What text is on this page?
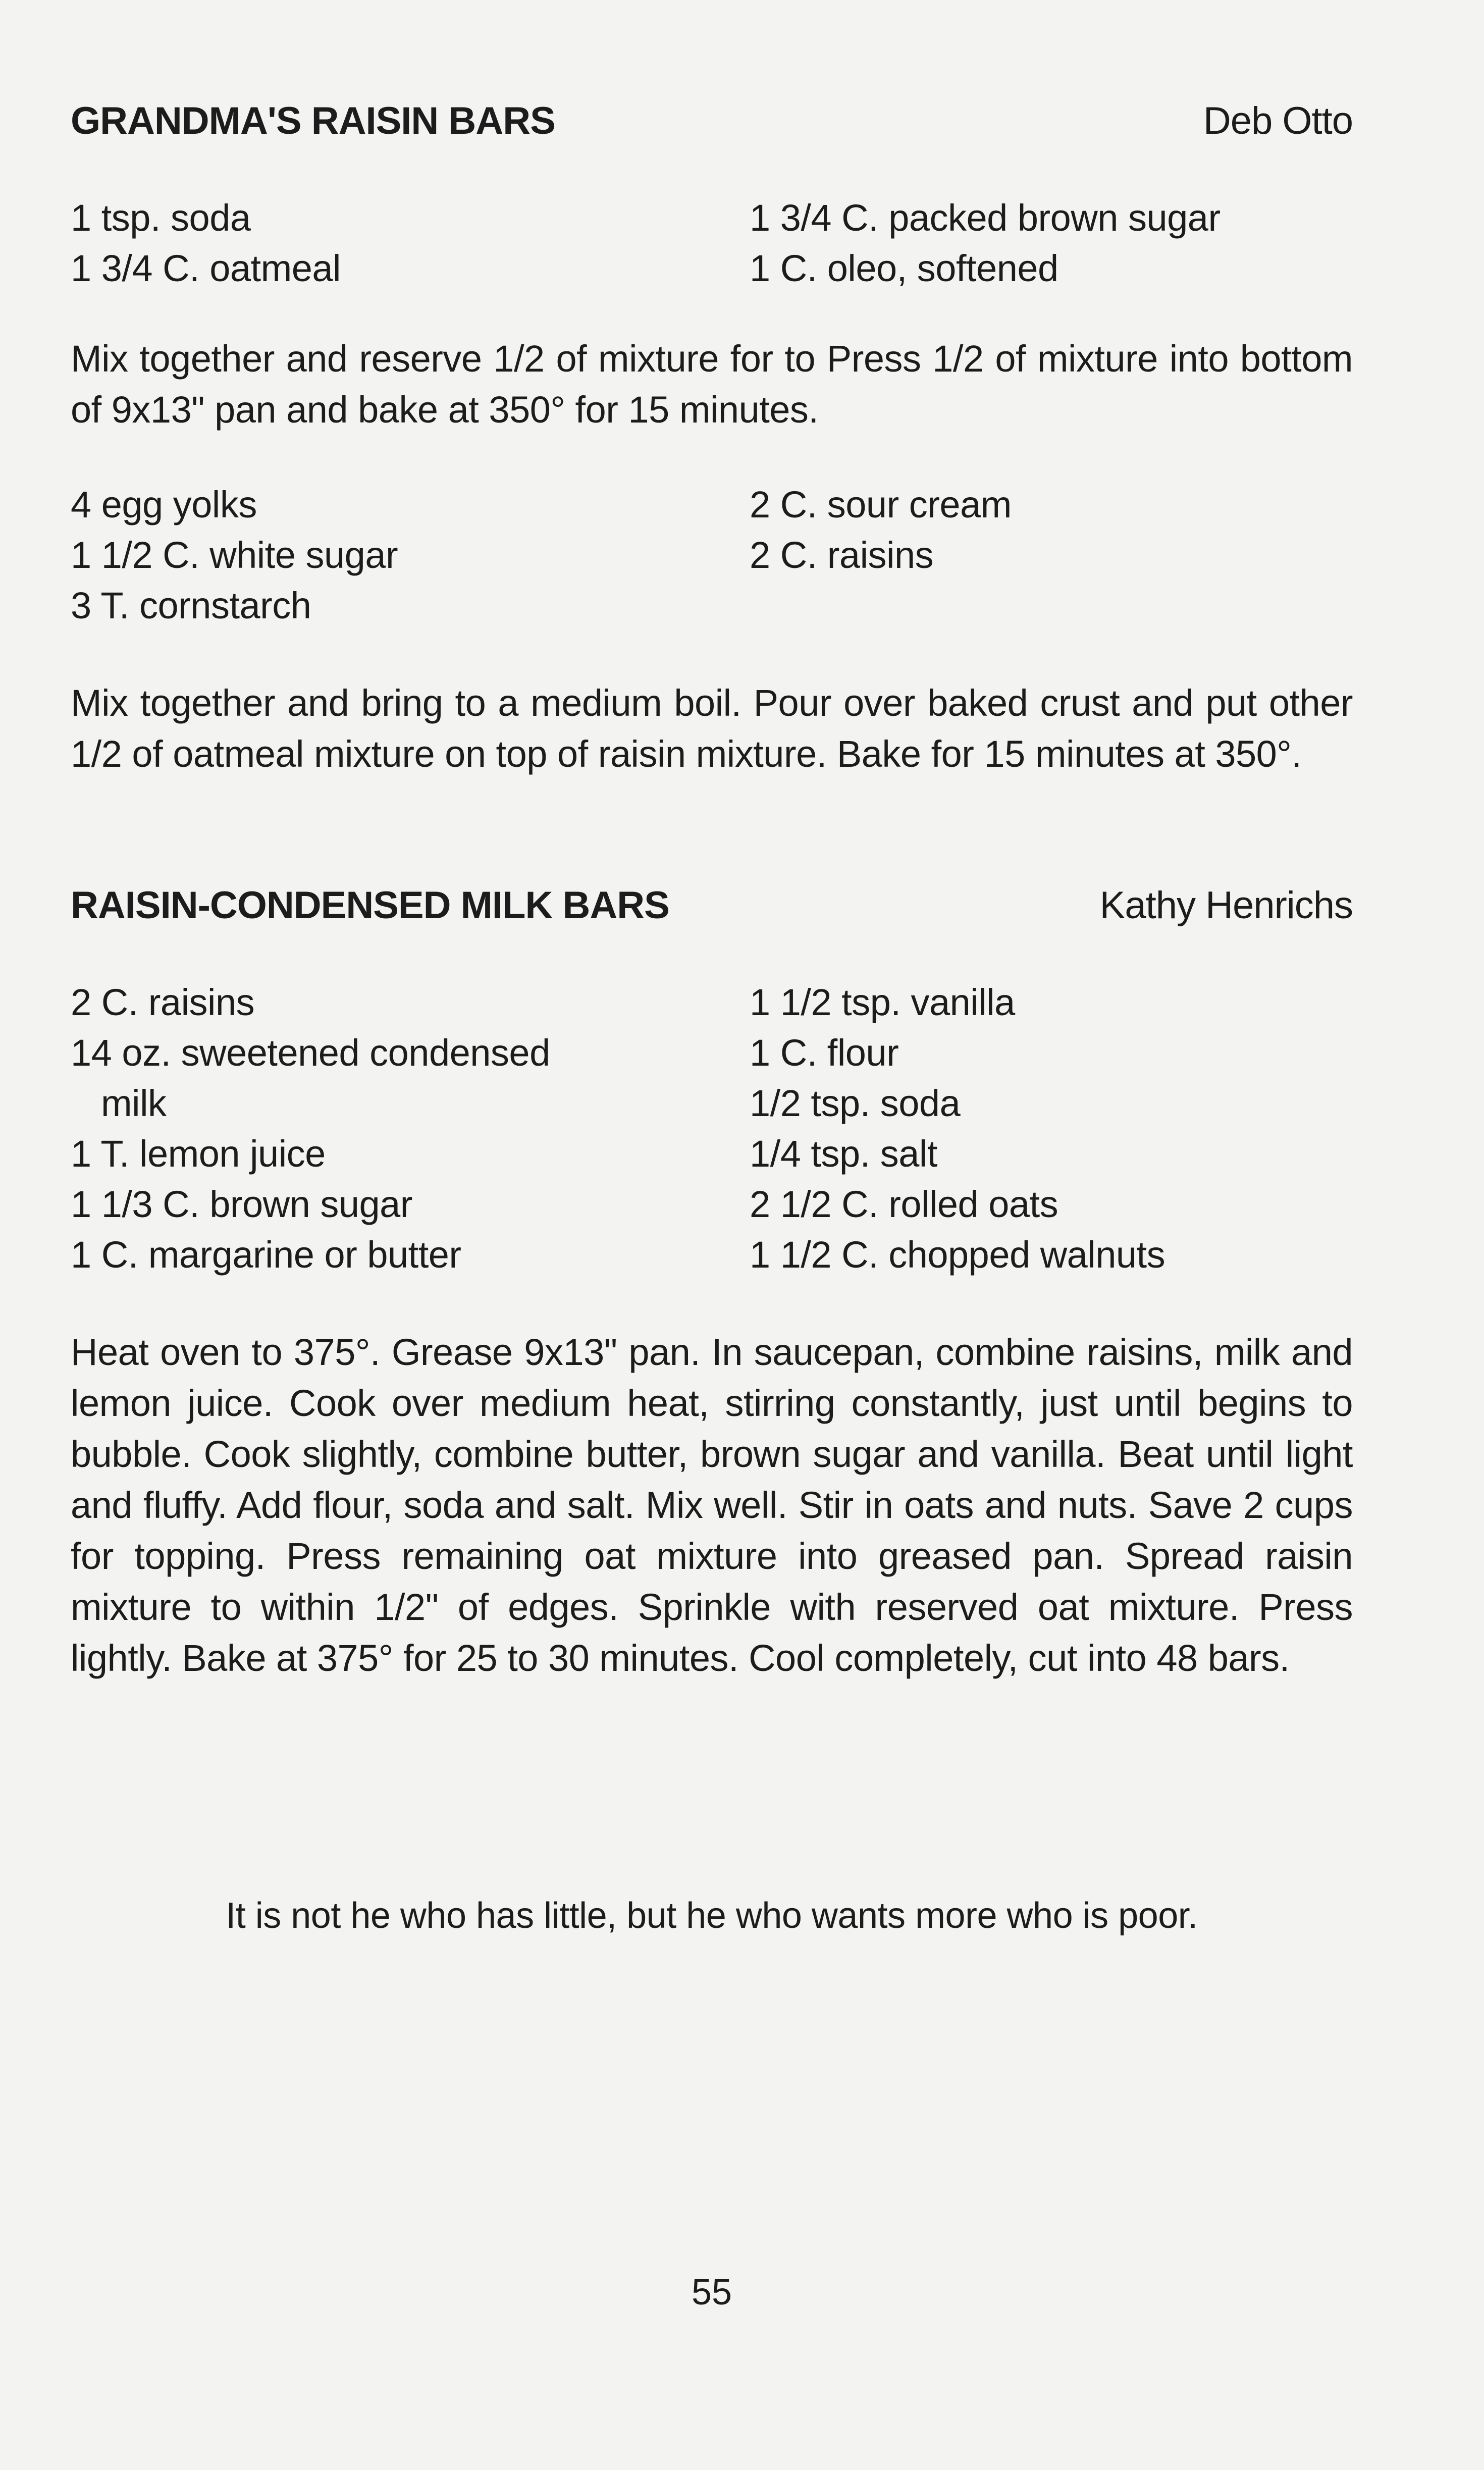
GRANDMA'S RAISIN BARS	Deb Otto
1 tsp. soda	1 3/4 C. packed brown sugar
1 3/4 C. oatmeal	1 C. oleo, softened

Mix together and reserve 1/2 of mixture for to Press 1/2 of mixture into bottom of 9x13" pan and bake at 350° for 15 minutes.

4 egg yolks	2 C. sour cream
1 1/2 C. white sugar	2 C. raisins
3 T. cornstarch

Mix together and bring to a medium boil. Pour over baked crust and put other 1/2 of oatmeal mixture on top of raisin mixture. Bake for 15 minutes at 350°.

RAISIN-CONDENSED MILK BARS	Kathy Henrichs
2 C. raisins	1 1/2 tsp. vanilla
14 oz. sweetened condensed	1 C. flour
milk	1/2 tsp. soda
1 T. lemon juice	1/4 tsp. salt
1 1/3 C. brown sugar	2 1/2 C. rolled oats
1 C. margarine or butter	1 1/2 C. chopped walnuts

Heat oven to 375°. Grease 9x13" pan. In saucepan, combine raisins, milk and lemon juice. Cook over medium heat, stirring constantly, just until begins to bubble. Cook slightly, combine butter, brown sugar and vanilla. Beat until light and fluffy. Add flour, soda and salt. Mix well. Stir in oats and nuts. Save 2 cups for topping. Press remaining oat mixture into greased pan. Spread raisin mixture to within 1/2" of edges. Sprinkle with reserved oat mixture. Press lightly. Bake at 375° for 25 to 30 minutes. Cool completely, cut into 48 bars.

It is not he who has little, but he who wants more who is poor.

55
